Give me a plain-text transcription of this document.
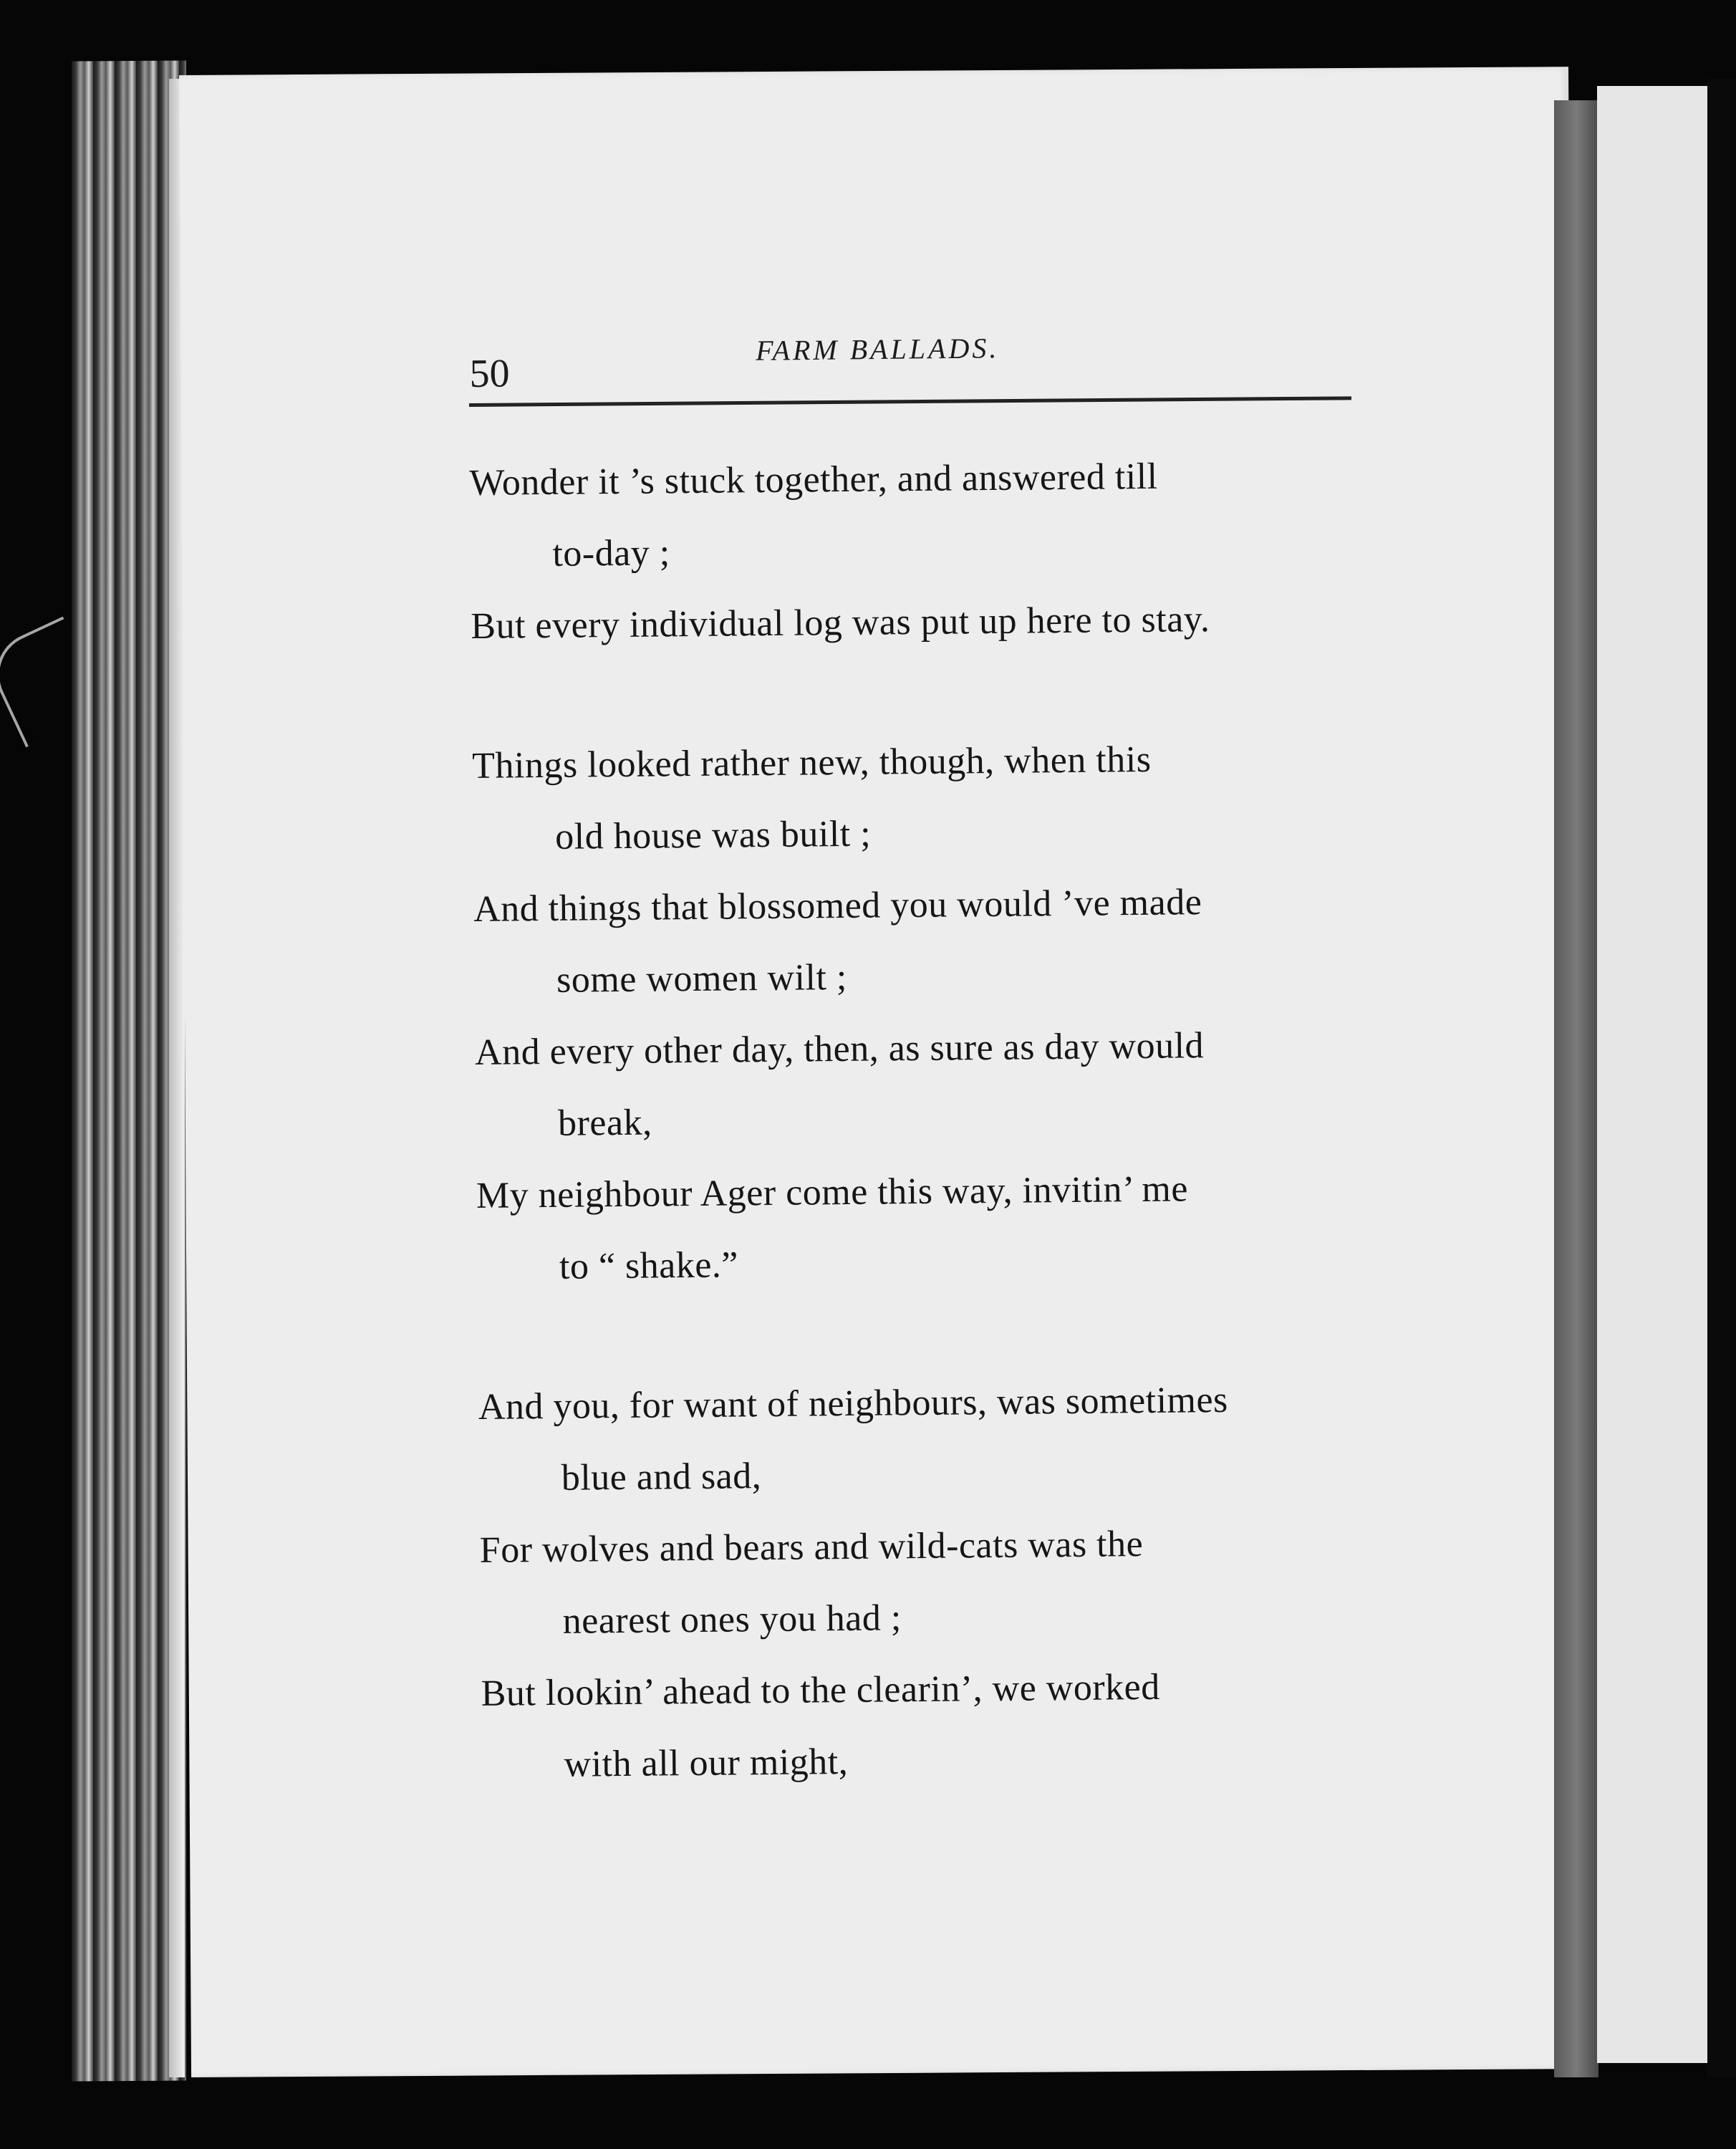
50
FARM BALLADS.
Wonder it ’s stuck together, and answered till
to-day ;
But every individual log was put up here to stay.
Things looked rather new, though, when this
old house was built ;
And things that blossomed you would ’ve made
some women wilt ;
And every other day, then, as sure as day would
break,
My neighbour Ager come this way, invitin’ me
to “ shake.”
And you, for want of neighbours, was sometimes
blue and sad,
For wolves and bears and wild-cats was the
nearest ones you had ;
But lookin’ ahead to the clearin’, we worked
with all our might,
